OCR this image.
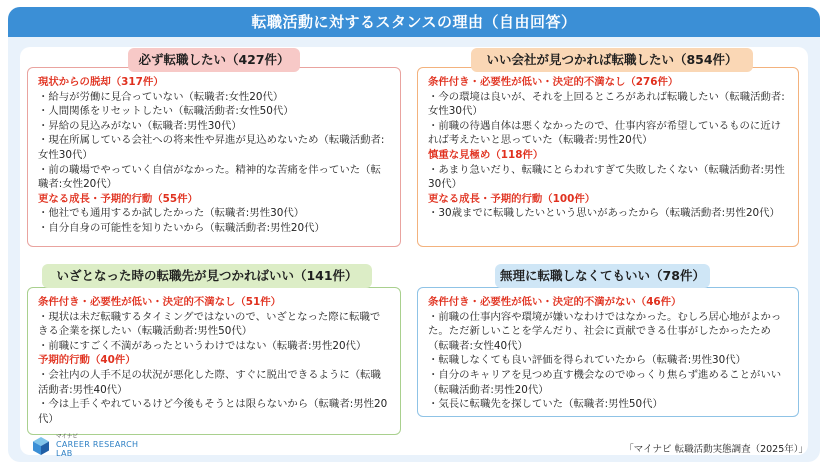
転職活動に対するスタンスの理由（自由回答）
現状からの脱却（317件）
・給与が労働に見合っていない（転職者:女性20代）
・人間関係をリセットしたい（転職活動者:女性50代）
・昇給の見込みがない（転職者:男性30代）
・現在所属している会社への将来性や昇進が見込めないため（転職活動者:女性30代）
・前の職場でやっていく自信がなかった。精神的な苦痛を伴っていた（転職者:女性20代）
更なる成長・予期的行動（55件）
・他社でも通用するか試したかった（転職者:男性30代）
・自分自身の可能性を知りたいから（転職活動者:男性20代）
必ず転職したい（427件）
条件付き・必要性が低い・決定的不満なし（276件）
・今の環境は良いが、それを上回るところがあれば転職したい（転職活動者:女性30代）
・前職の待遇自体は悪くなかったので、仕事内容が希望しているものに近ければ考えたいと思っていた（転職者:男性20代）
慎重な見極め（118件）
・あまり急いだり、転職にとらわれすぎて失敗したくない（転職活動者:男性30代）
更なる成長・予期的行動（100件）
・30歳までに転職したいという思いがあったから（転職活動者:男性20代）
いい会社が見つかれば転職したい（854件）
条件付き・必要性が低い・決定的不満なし（51件）
・現状は未だ転職するタイミングではないので、いざとなった際に転職できる企業を探したい（転職活動者:男性50代）
・前職にすごく不満があったというわけではない（転職者:男性20代）
予期的行動（40件）
・会社内の人手不足の状況が悪化した際、すぐに脱出できるように（転職活動者:男性40代）
・今は上手くやれているけど今後もそうとは限らないから（転職者:男性20代）
いざとなった時の転職先が見つかればいい（141件）
条件付き・必要性が低い・決定的不満がない（46件）
・前職の仕事内容や環境が嫌いなわけではなかった。むしろ居心地がよかった。ただ新しいことを学んだり、社会に貢献できる仕事がしたかったため（転職者:女性40代）
・転職しなくても良い評価を得られていたから（転職者:男性30代）
・自分のキャリアを見つめ直す機会なのでゆっくり焦らず進めることがいい（転職活動者:男性20代）
・気長に転職先を探していた（転職者:男性50代）
無理に転職しなくてもいい（78件）
マイナビ
CAREER RESEARCH
LAB	「マイナビ 転職活動実態調査（2025年）」
